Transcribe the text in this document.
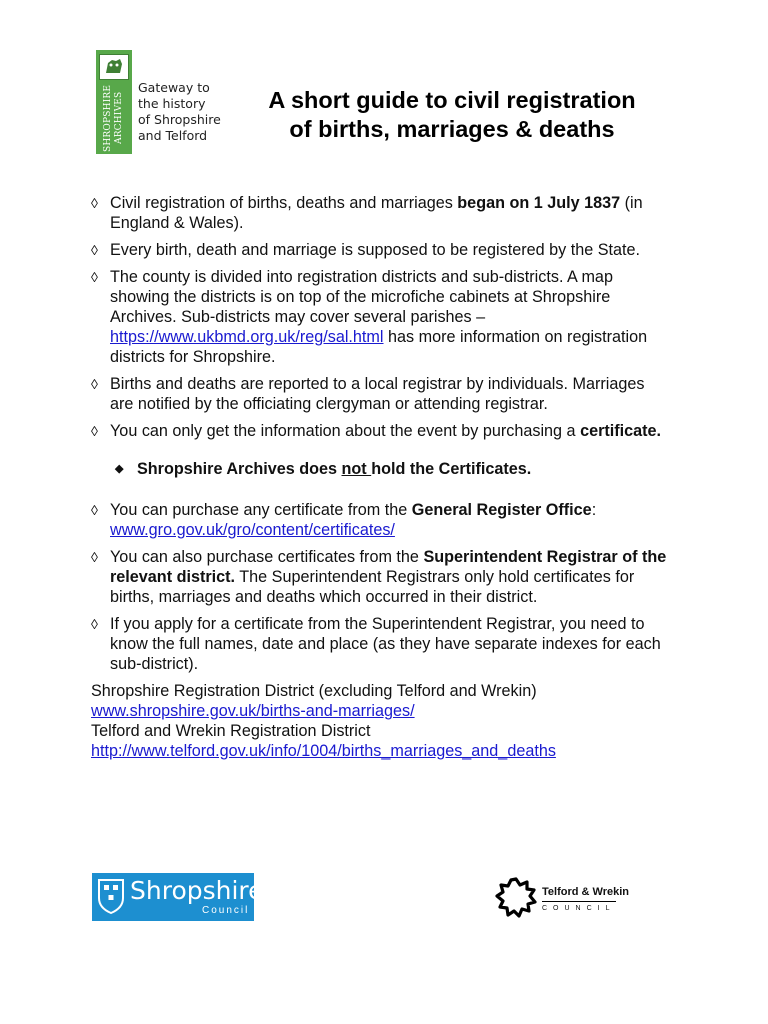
SHROPSHIRE ARCHIVES
Gateway to
the history
of Shropshire
and Telford
A short guide to civil registration
of births, marriages & deaths
◊ Civil registration of births, deaths and marriages began on 1 July 1837 (in England & Wales).
◊ Every birth, death and marriage is supposed to be registered by the State.
◊ The county is divided into registration districts and sub-districts. A map showing the districts is on top of the microfiche cabinets at Shropshire Archives. Sub-districts may cover several parishes – https://www.ukbmd.org.uk/reg/sal.html has more information on registration districts for Shropshire.
◊ Births and deaths are reported to a local registrar by individuals. Marriages are notified by the officiating clergyman or attending registrar.
◊ You can only get the information about the event by purchasing a certificate.
◆ Shropshire Archives does not hold the Certificates.
◊ You can purchase any certificate from the General Register Office: www.gro.gov.uk/gro/content/certificates/
◊ You can also purchase certificates from the Superintendent Registrar of the relevant district. The Superintendent Registrars only hold certificates for births, marriages and deaths which occurred in their district.
◊ If you apply for a certificate from the Superintendent Registrar, you need to know the full names, date and place (as they have separate indexes for each sub-district).
Shropshire Registration District (excluding Telford and Wrekin)
www.shropshire.gov.uk/births-and-marriages/
Telford and Wrekin Registration District
http://www.telford.gov.uk/info/1004/births_marriages_and_deaths
Shropshire
Council
Telford & Wrekin
COUNCIL
